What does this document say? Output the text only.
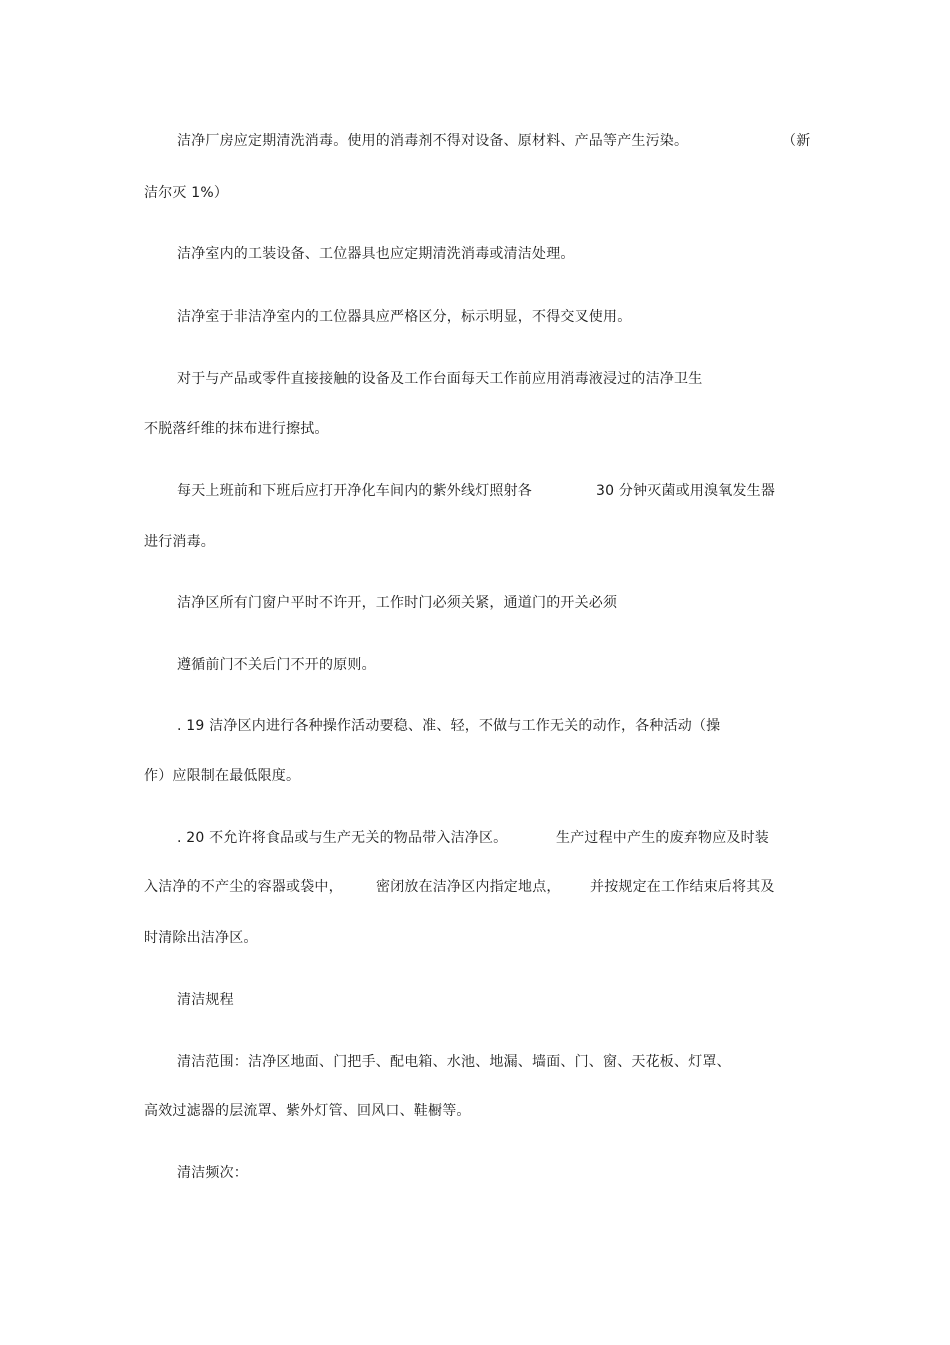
洁净厂房应定期清洗消毒。使用的消毒剂不得对设备、原材料、产品等产生污染。	（新
洁尔灭 1%）
洁净室内的工装设备、工位器具也应定期清洗消毒或清洁处理。
洁净室于非洁净室内的工位器具应严格区分，标示明显，不得交叉使用。
对于与产品或零件直接接触的设备及工作台面每天工作前应用消毒液浸过的洁净卫生
不脱落纤维的抹布进行擦拭。
每天上班前和下班后应打开净化车间内的紫外线灯照射各	30 分钟灭菌或用溴氧发生器
进行消毒。
洁净区所有门窗户平时不许开，工作时门必须关紧，通道门的开关必须
遵循前门不关后门不开的原则。
. 19 洁净区内进行各种操作活动要稳、准、轻，不做与工作无关的动作，各种活动（操
作）应限制在最低限度。
. 20 不允许将食品或与生产无关的物品带入洁净区。	生产过程中产生的废弃物应及时装
入洁净的不产尘的容器或袋中， 密闭放在洁净区内指定地点， 并按规定在工作结束后将其及
时清除出洁净区。
清洁规程
清洁范围：洁净区地面、门把手、配电箱、水池、地漏、墙面、门、窗、天花板、灯罩、
高效过滤器的层流罩、紫外灯管、回风口、鞋橱等。
清洁频次：
